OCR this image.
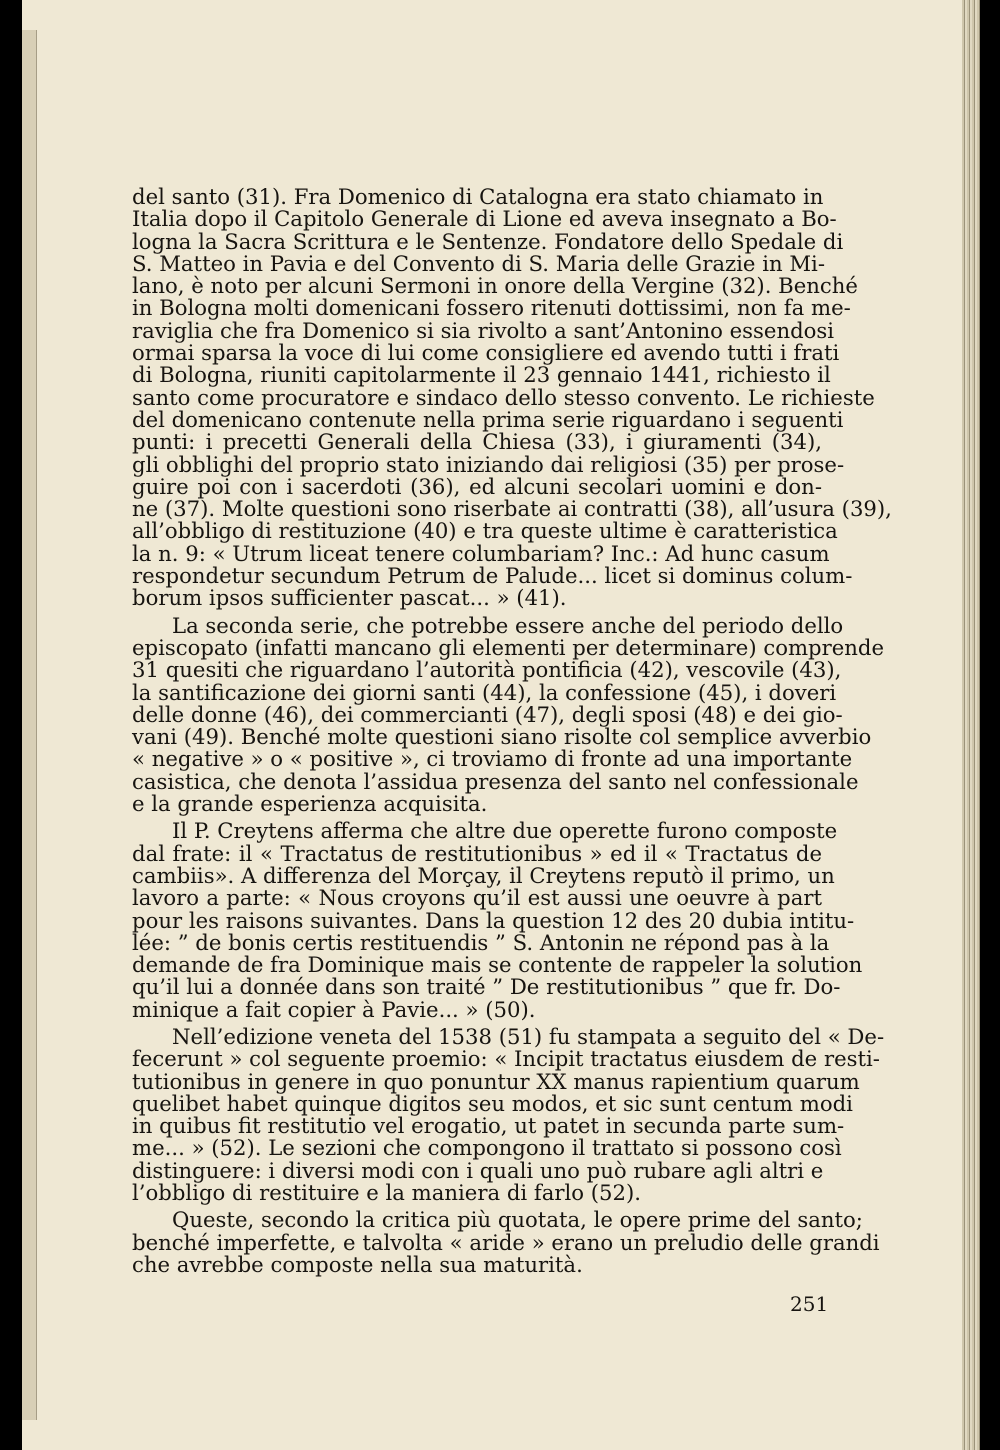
del santo (31). Fra Domenico di Catalogna era stato chiamato in
Italia dopo il Capitolo Generale di Lione ed aveva insegnato a Bo-
logna la Sacra Scrittura e le Sentenze. Fondatore dello Spedale di
S. Matteo in Pavia e del Convento di S. Maria delle Grazie in Mi-
lano, è noto per alcuni Sermoni in onore della Vergine (32). Benché
in Bologna molti domenicani fossero ritenuti dottissimi, non fa me-
raviglia che fra Domenico si sia rivolto a sant’Antonino essendosi
ormai sparsa la voce di lui come consigliere ed avendo tutti i frati
di Bologna, riuniti capitolarmente il 23 gennaio 1441, richiesto il
santo come procuratore e sindaco dello stesso convento. Le richieste
del domenicano contenute nella prima serie riguardano i seguenti
punti: i precetti Generali della Chiesa (33), i giuramenti (34),
gli obblighi del proprio stato iniziando dai religiosi (35) per prose-
guire poi con i sacerdoti (36), ed alcuni secolari uomini e don-
ne (37). Molte questioni sono riserbate ai contratti (38), all’usura (39),
all’obbligo di restituzione (40) e tra queste ultime è caratteristica
la n. 9: « Utrum liceat tenere columbariam? Inc.: Ad hunc casum
respondetur secundum Petrum de Palude... licet si dominus colum-
borum ipsos sufficienter pascat... » (41).
La seconda serie, che potrebbe essere anche del periodo dello
episcopato (infatti mancano gli elementi per determinare) comprende
31 quesiti che riguardano l’autorità pontificia (42), vescovile (43),
la santificazione dei giorni santi (44), la confessione (45), i doveri
delle donne (46), dei commercianti (47), degli sposi (48) e dei gio-
vani (49). Benché molte questioni siano risolte col semplice avverbio
« negative » o « positive », ci troviamo di fronte ad una importante
casistica, che denota l’assidua presenza del santo nel confessionale
e la grande esperienza acquisita.
Il P. Creytens afferma che altre due operette furono composte
dal frate: il « Tractatus de restitutionibus » ed il « Tractatus de
cambiis». A differenza del Morçay, il Creytens reputò il primo, un
lavoro a parte: « Nous croyons qu’il est aussi une oeuvre à part
pour les raisons suivantes. Dans la question 12 des 20 dubia intitu-
lée: ” de bonis certis restituendis ” S. Antonin ne répond pas à la
demande de fra Dominique mais se contente de rappeler la solution
qu’il lui a donnée dans son traité ” De restitutionibus ” que fr. Do-
minique a fait copier à Pavie... » (50).
Nell’edizione veneta del 1538 (51) fu stampata a seguito del « De-
fecerunt » col seguente proemio: « Incipit tractatus eiusdem de resti-
tutionibus in genere in quo ponuntur XX manus rapientium quarum
quelibet habet quinque digitos seu modos, et sic sunt centum modi
in quibus fit restitutio vel erogatio, ut patet in secunda parte sum-
me... » (52). Le sezioni che compongono il trattato si possono così
distinguere: i diversi modi con i quali uno può rubare agli altri e
l’obbligo di restituire e la maniera di farlo (52).
Queste, secondo la critica più quotata, le opere prime del santo;
benché imperfette, e talvolta « aride » erano un preludio delle grandi
che avrebbe composte nella sua maturità.
251
